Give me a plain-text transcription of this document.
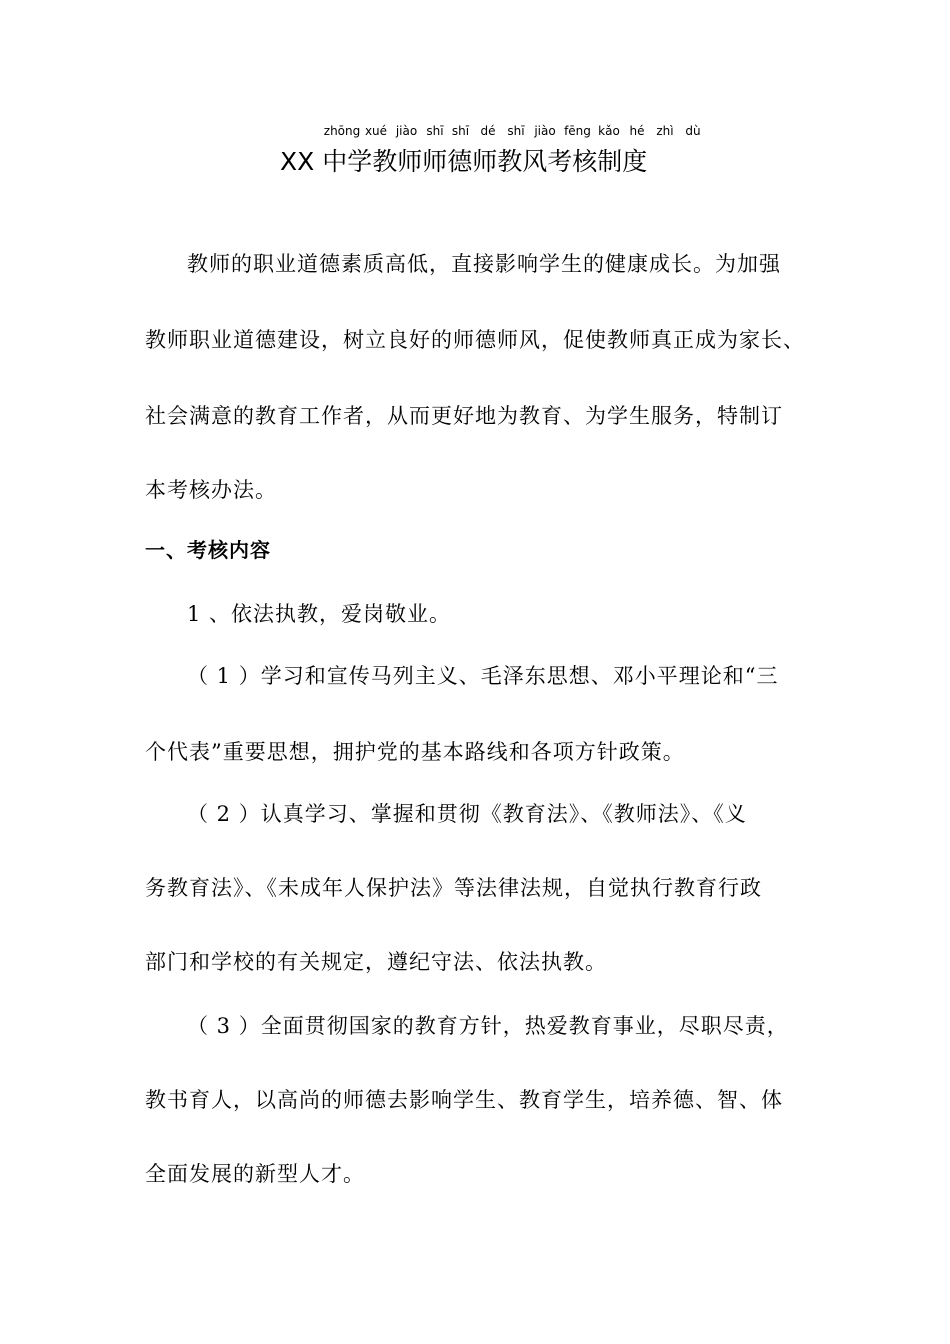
zhōng xué jiào shī shī dé shī jiào fēng kǎo hé zhì dù
XX 中学教师师德师教风考核制度
教师的职业道德素质高低，直接影响学生的健康成长。为加强
教师职业道德建设，树立良好的师德师风，促使教师真正成为家长、
社会满意的教育工作者，从而更好地为教育、为学生服务，特制订
本考核办法。
一、考核内容
1 、依法执教，爱岗敬业。
（ 1 ）学习和宣传马列主义、毛泽东思想、邓小平理论和“三
个代表”重要思想，拥护党的基本路线和各项方针政策。
（ 2 ）认真学习、掌握和贯彻《教育法》、《教师法》、《义
务教育法》、《未成年人保护法》等法律法规，自觉执行教育行政
部门和学校的有关规定，遵纪守法、依法执教。
（ 3 ）全面贯彻国家的教育方针，热爱教育事业，尽职尽责，
教书育人，以高尚的师德去影响学生、教育学生，培养德、智、体
全面发展的新型人才。
